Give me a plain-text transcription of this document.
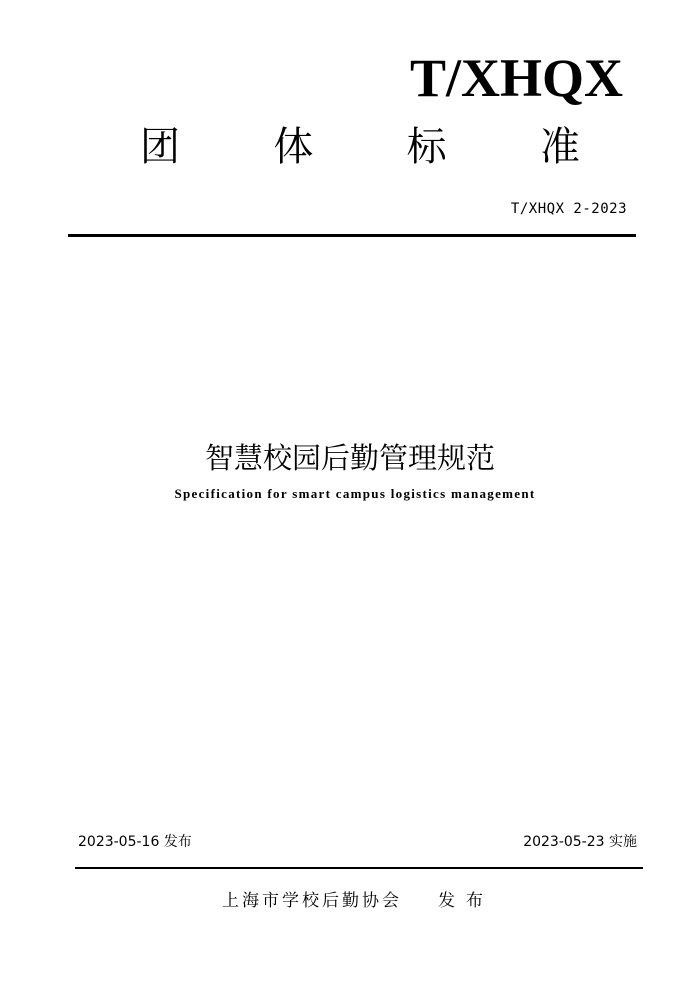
T/XHQX
团 体 标 准
T/XHQX 2-2023
智慧校园后勤管理规范
Specification for smart campus logistics management
2023-05-16 发布	2023-05-23 实施
上海市学校后勤协会 发布
